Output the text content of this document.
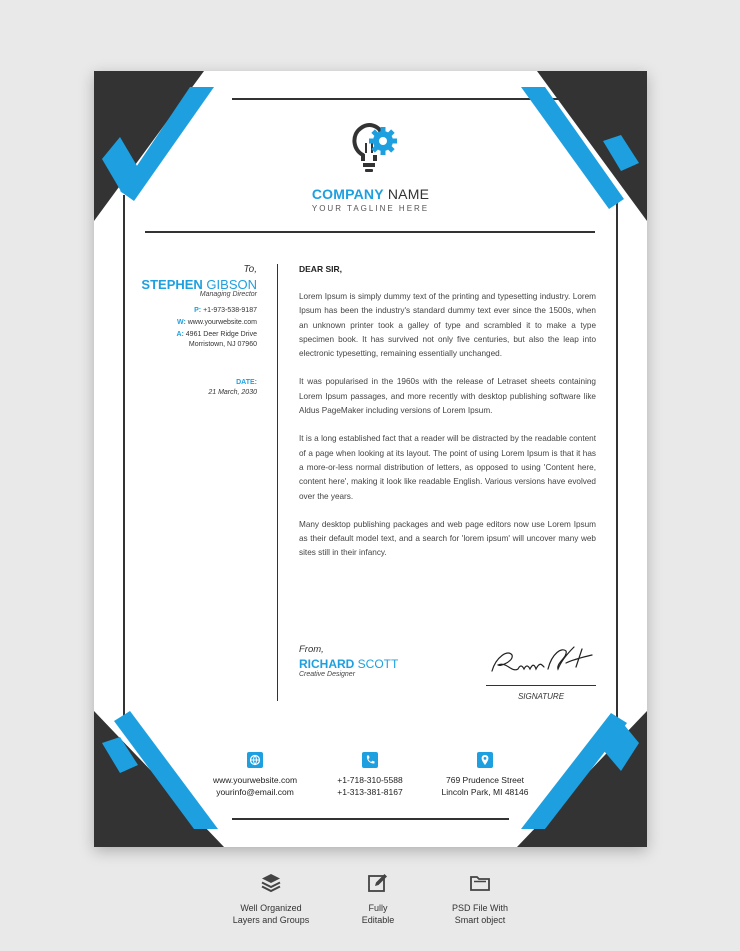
COMPANY NAME
YOUR TAGLINE HERE
To,
STEPHEN GIBSON
Managing Director
P: +1-973-538-9187
W: www.yourwebsite.com
A: 4961 Deer Ridge Drive
Morristown, NJ 07960
DATE:
21 March, 2030
DEAR SIR,

Lorem Ipsum is simply dummy text of the printing and typesetting industry. Lorem Ipsum has been the industry's standard dummy text ever since the 1500s, when an unknown printer took a galley of type and scrambled it to make a type specimen book. It has survived not only five centuries, but also the leap into electronic typesetting, remaining essentially unchanged.

It was popularised in the 1960s with the release of Letraset sheets containing Lorem Ipsum passages, and more recently with desktop publishing software like Aldus PageMaker including versions of Lorem Ipsum.

It is a long established fact that a reader will be distracted by the readable content of a page when looking at its layout. The point of using Lorem Ipsum is that it has a more-or-less normal distribution of letters, as opposed to using 'Content here, content here', making it look like readable English. Various versions have evolved over the years.

Many desktop publishing packages and web page editors now use Lorem Ipsum as their default model text, and a search for 'lorem ipsum' will uncover many web sites still in their infancy.

From,
RICHARD SCOTT
Creative Designer
SIGNATURE
www.yourwebsite.com
yourinfo@email.com
+1-718-310-5588
+1-313-381-8167
769 Prudence Street
Lincoln Park, MI 48146
Well Organized
Layers and Groups
Fully
Editable
PSD File With
Smart object
